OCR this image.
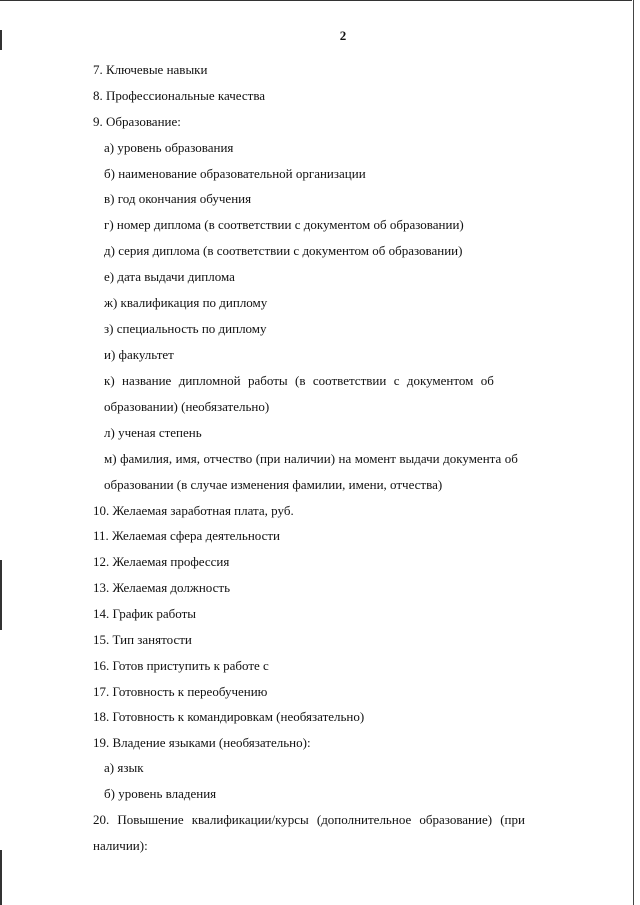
2
7. Ключевые навыки
8. Профессиональные качества
9. Образование:
а) уровень образования
б) наименование образовательной организации
в) год окончания обучения
г) номер диплома (в соответствии с документом об образовании)
д) серия диплома (в соответствии с документом об образовании)
е) дата выдачи диплома
ж) квалификация по диплому
з) специальность по диплому
и) факультет
к) название дипломной работы (в соответствии с документом об
образовании) (необязательно)
л) ученая степень
м) фамилия, имя, отчество (при наличии) на момент выдачи документа об
образовании (в случае изменения фамилии, имени, отчества)
10. Желаемая заработная плата, руб.
11. Желаемая сфера деятельности
12. Желаемая профессия
13. Желаемая должность
14. График работы
15. Тип занятости
16. Готов приступить к работе с
17. Готовность к переобучению
18. Готовность к командировкам (необязательно)
19. Владение языками (необязательно):
а) язык
б) уровень владения
20. Повышение квалификации/курсы (дополнительное образование) (при
наличии):
